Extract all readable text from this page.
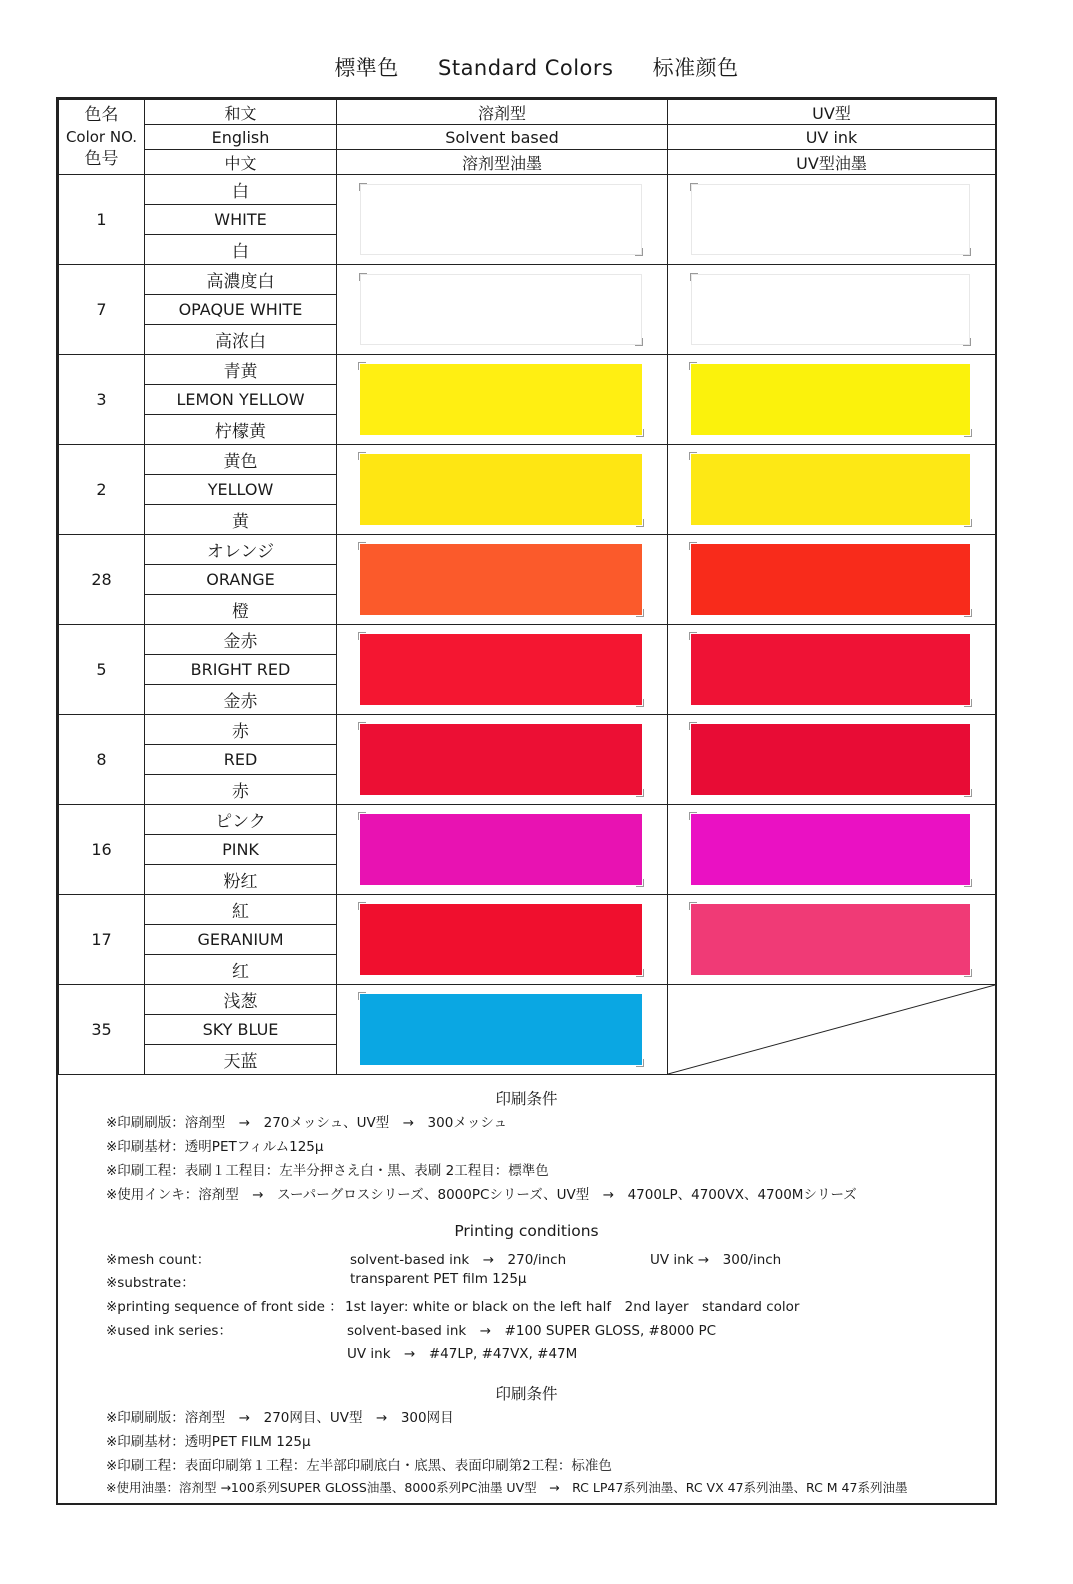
標準色 Standard Colors 标准颜色
色名
Color NO.
色号	和文	溶剤型	UV型
	English	Solvent based	UV ink
	中文	溶剂型油墨	UV型油墨
1	白	

	WHITE		
	白		
7	高濃度白	

	OPAQUE WHITE		
	高浓白		
3	青黄	

	LEMON YELLOW		
	柠檬黄		
2	黄色	

	YELLOW		
	黄		
28	オレンジ	

	ORANGE		
	橙		
5	金赤	

	BRIGHT RED		
	金赤		
8	赤	

	RED		
	赤		
16	ピンク	

	PINK		
	粉红		
17	紅	

	GERANIUM		
	红		
35	浅葱	

	SKY BLUE		
	天蓝		
印刷条件
※印刷刷版：溶剤型　→　270メッシュ、UV型　→　300メッシュ
※印刷基材：透明PETフィルム125μ
※印刷工程：表刷１工程目：左半分押さえ白・黒、表刷 2工程目：標準色
※使用インキ：溶剤型　→　スーパーグロスシリーズ、8000PCシリーズ、UV型　→　4700LP、4700VX、4700Mシリーズ
Printing conditions
※mesh count：	solvent-based ink　→　270/inch	UV ink →　300/inch
※substrate：	transparent PET film 125μ
※printing sequence of front side ： 1st layer: white or black on the left half　2nd layer　standard color
※used ink series：	solvent-based ink　→　#100 SUPER GLOSS, #8000 PC
UV ink　→　#47LP, #47VX, #47M
印刷条件
※印刷刷版：溶剤型　→　270网目、UV型　→　300网目
※印刷基材：透明PET FILM 125μ
※印刷工程：表面印刷第１工程：左半部印刷底白・底黑、表面印刷第2工程：标准色
※使用油墨：溶剂型 →100系列SUPER GLOSS油墨、8000系列PC油墨 UV型　→　RC LP47系列油墨、RC VX 47系列油墨、RC M 47系列油墨
